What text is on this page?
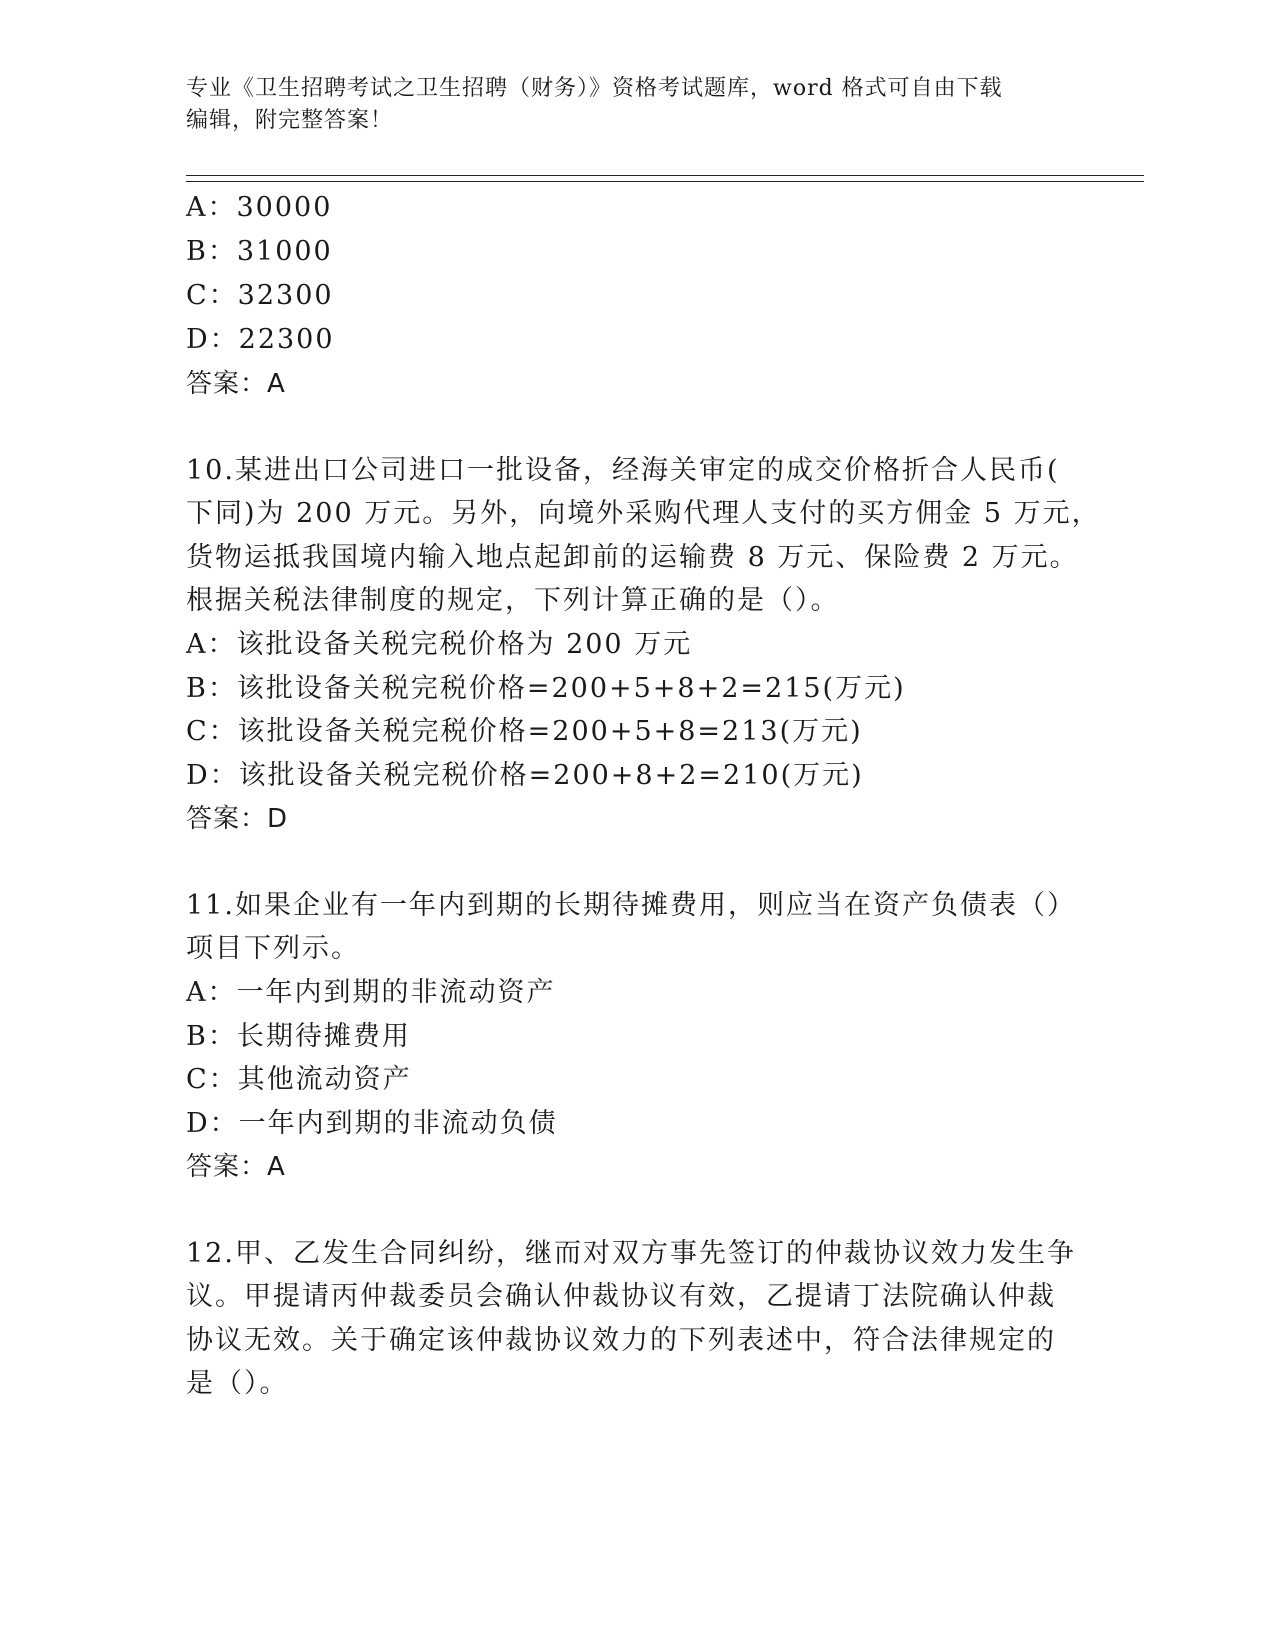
专业《卫生招聘考试之卫生招聘（财务）》资格考试题库，word 格式可自由下载
编辑，附完整答案！
A：30000
B：31000
C：32300
D：22300
答案：A
10.某进出口公司进口一批设备，经海关审定的成交价格折合人民币(
下同)为 200 万元。另外，向境外采购代理人支付的买方佣金 5 万元，
货物运抵我国境内输入地点起卸前的运输费 8 万元、保险费 2 万元。
根据关税法律制度的规定，下列计算正确的是（）。
A：该批设备关税完税价格为 200 万元
B：该批设备关税完税价格=200+5+8+2=215(万元)
C：该批设备关税完税价格=200+5+8=213(万元)
D：该批设备关税完税价格=200+8+2=210(万元)
答案：D
11.如果企业有一年内到期的长期待摊费用，则应当在资产负债表（）
项目下列示。
A：一年内到期的非流动资产
B：长期待摊费用
C：其他流动资产
D：一年内到期的非流动负债
答案：A
12.甲、乙发生合同纠纷，继而对双方事先签订的仲裁协议效力发生争
议。甲提请丙仲裁委员会确认仲裁协议有效，乙提请丁法院确认仲裁
协议无效。关于确定该仲裁协议效力的下列表述中，符合法律规定的
是（）。
